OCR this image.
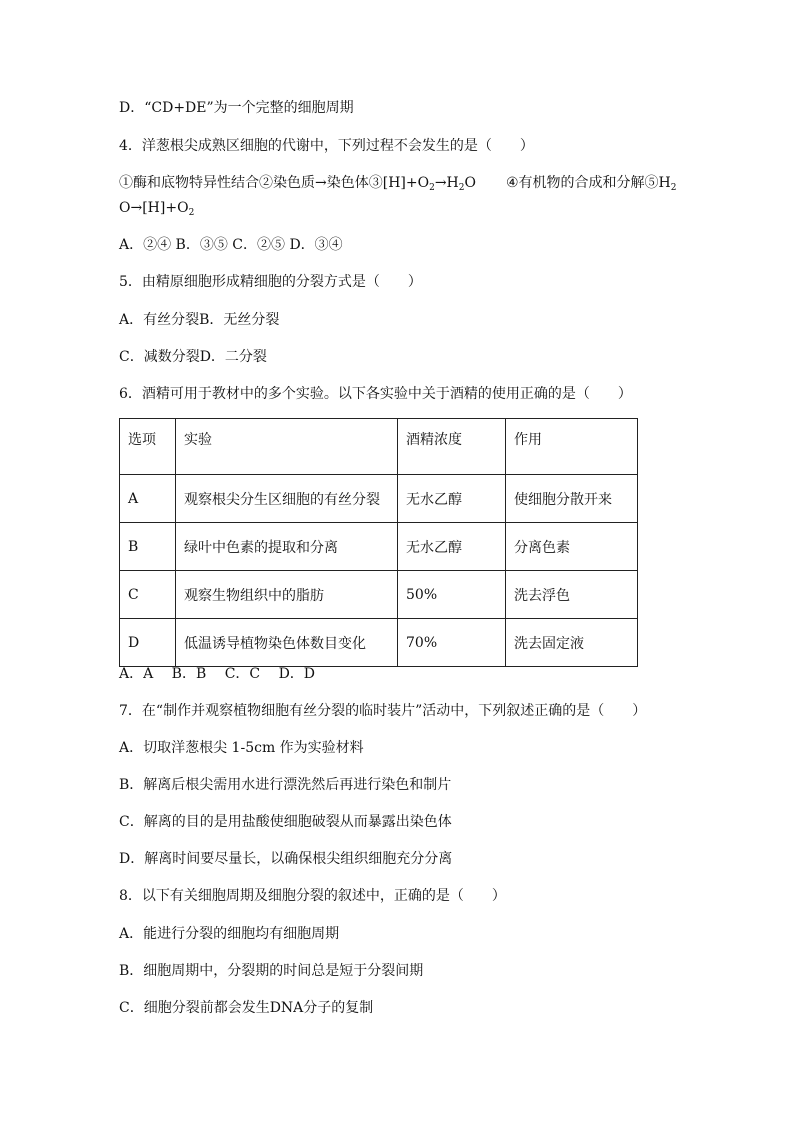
D．“CD+DE”为一个完整的细胞周期
4．洋葱根尖成熟区细胞的代谢中，下列过程不会发生的是（　　）
①酶和底物特异性结合②染色质→染色体$③[H]+O_2\to H_2O$ ④有机物的合成和分解$⑤H_2$
$O\to[H]+O_2$
A．②④ B．③⑤ C．②⑤ D．③④
5．由精原细胞形成精细胞的分裂方式是（　　）
A．有丝分裂B．无丝分裂
C．减数分裂D．二分裂
6．酒精可用于教材中的多个实验。以下各实验中关于酒精的使用正确的是（　　）
选项	实验	酒精浓度	作用
A	观察根尖分生区细胞的有丝分裂	无水乙醇	使细胞分散开来
B	绿叶中色素的提取和分离	无水乙醇	分离色素
C	观察生物组织中的脂肪	50%	洗去浮色
D	低温诱导植物染色体数目变化	70%	洗去固定液
A．A　 B．B　 C．C　 D．D
7．在“制作并观察植物细胞有丝分裂的临时装片”活动中，下列叙述正确的是（　　）
A．切取洋葱根尖 1-5cm 作为实验材料
B．解离后根尖需用水进行漂洗然后再进行染色和制片
C．解离的目的是用盐酸使细胞破裂从而暴露出染色体
D．解离时间要尽量长，以确保根尖组织细胞充分分离
8．以下有关细胞周期及细胞分裂的叙述中，正确的是（　　）
A．能进行分裂的细胞均有细胞周期
B．细胞周期中，分裂期的时间总是短于分裂间期
C．细胞分裂前都会发生DNA分子的复制
